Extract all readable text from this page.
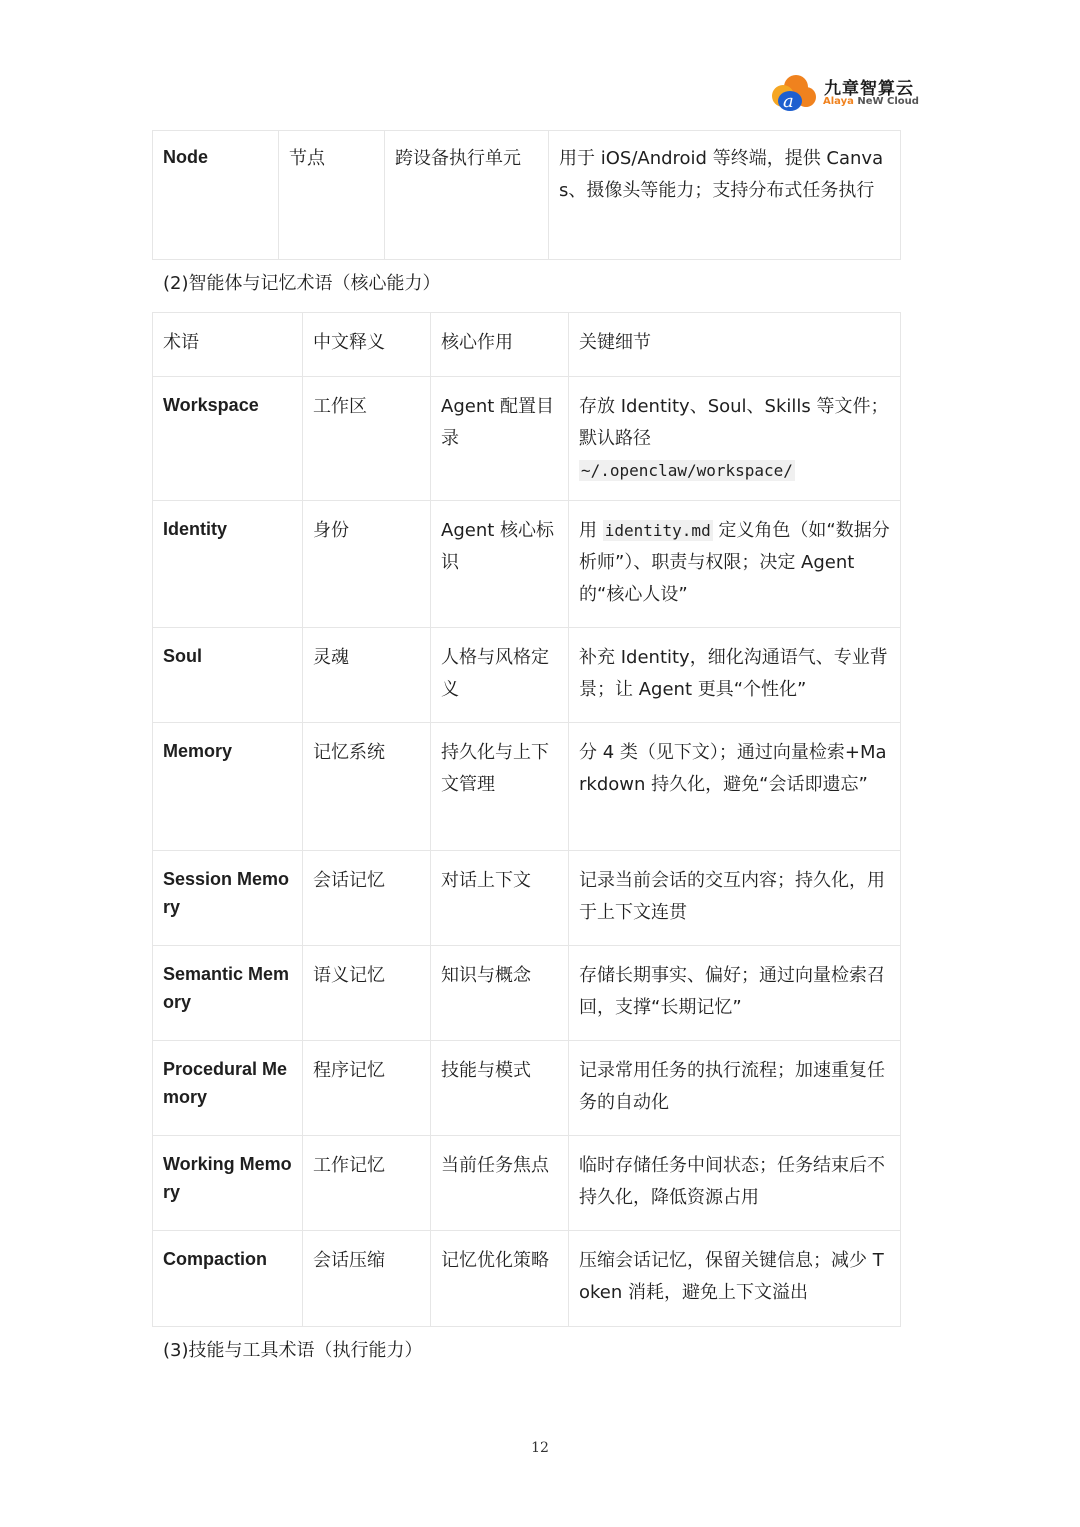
a
九章智算云
Alaya NeW Cloud
Node	节点	跨设备执行单元	用于 iOS/Android 等终端，提供 Canvas、摄像头等能力；支持分布式任务执行
(2)智能体与记忆术语（核心能力）
术语	中文释义	核心作用	关键细节
Workspace	工作区	Agent 配置目录	存放 Identity、Soul、Skills 等文件；默认路径
~/.openclaw/workspace/
Identity	身份	Agent 核心标识	用 identity.md 定义角色（如“数据分析师”）、职责与权限；决定 Agent 的“核心人设”
Soul	灵魂	人格与风格定义	补充 Identity，细化沟通语气、专业背景；让 Agent 更具“个性化”
Memory	记忆系统	持久化与上下文管理	分 4 类（见下文）；通过向量检索+Markdown 持久化，避免“会话即遗忘”
Session Memory	会话记忆	对话上下文	记录当前会话的交互内容；持久化，用于上下文连贯
Semantic Memory	语义记忆	知识与概念	存储长期事实、偏好；通过向量检索召回，支撑“长期记忆”
Procedural Memory	程序记忆	技能与模式	记录常用任务的执行流程；加速重复任务的自动化
Working Memory	工作记忆	当前任务焦点	临时存储任务中间状态；任务结束后不持久化，降低资源占用
Compaction	会话压缩	记忆优化策略	压缩会话记忆，保留关键信息；减少 Token 消耗，避免上下文溢出
(3)技能与工具术语（执行能力）
12
